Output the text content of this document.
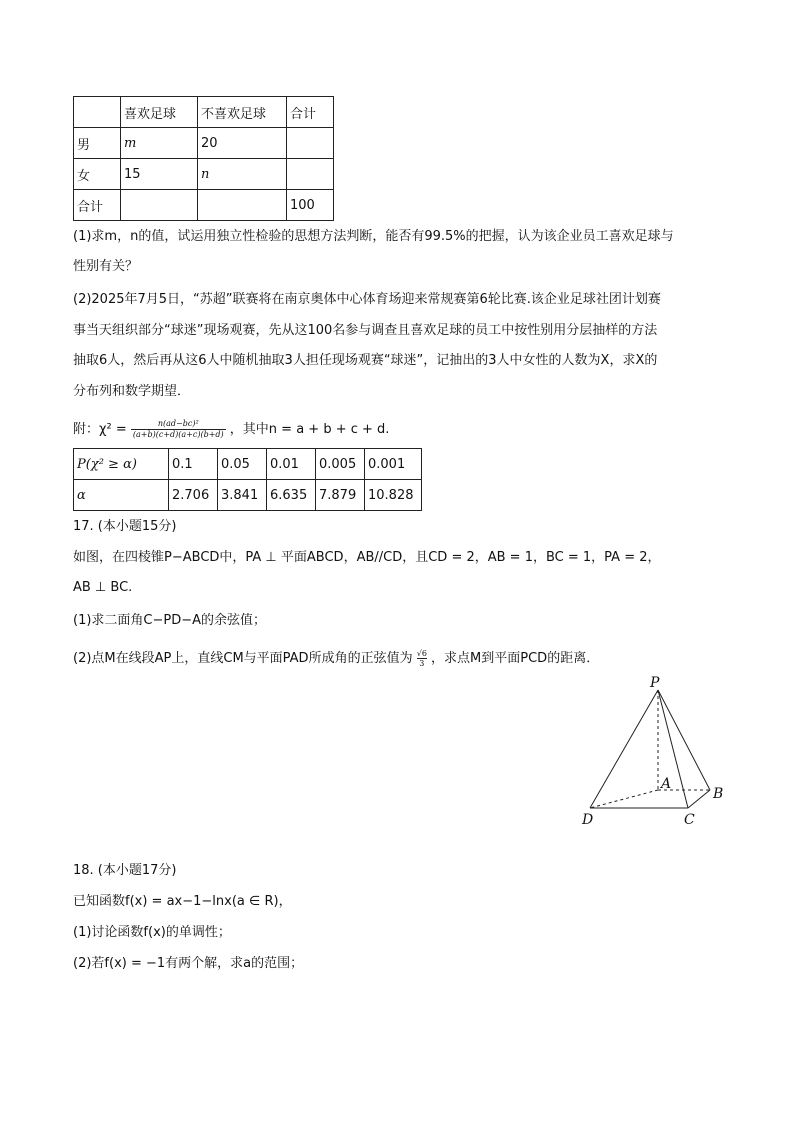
	喜欢足球	不喜欢足球	合计
男	m	20	
女	15	n	
合计			100
(1)求m，n的值，试运用独立性检验的思想方法判断，能否有99.5%的把握，认为该企业员工喜欢足球与
性别有关？
(2)2025年7月5日，“苏超”联赛将在南京奥体中心体育场迎来常规赛第6轮比赛.该企业足球社团计划赛
事当天组织部分“球迷”现场观赛，先从这100名参与调查且喜欢足球的员工中按性别用分层抽样的方法
抽取6人，然后再从这6人中随机抽取3人担任现场观赛“球迷”，记抽出的3人中女性的人数为X，求X的
分布列和数学期望．
附：$\chi^2 = \frac{\text{n(ad−bc)²}}{(a+b)(c+d)(a+c)(b+d)}$ ，其中n = a + b + c + d.
P(χ² ≥ α)	0.1	0.05	0.01	0.005	0.001
α	2.706	3.841	6.635	7.879	10.828
17. (本小题15分)
如图，在四棱锥P−ABCD中，PA ⊥ 平面ABCD，AB//CD，且CD = 2，AB = 1，BC = 1，PA = 2，
AB ⊥ BC.
(1)求二面角C−PD−A的余弦值；
(2)点M在线段AP上，直线CM与平面PAD所成角的正弦值为 $\frac{√6}{3}$ ，求点M到平面PCD的距离．
P
A
B
C
D
18. (本小题17分)
已知函数f(x) = ax−1−lnx(a ∈ R)，
(1)讨论函数f(x)的单调性；
(2)若f(x) = −1有两个解，求a的范围；
